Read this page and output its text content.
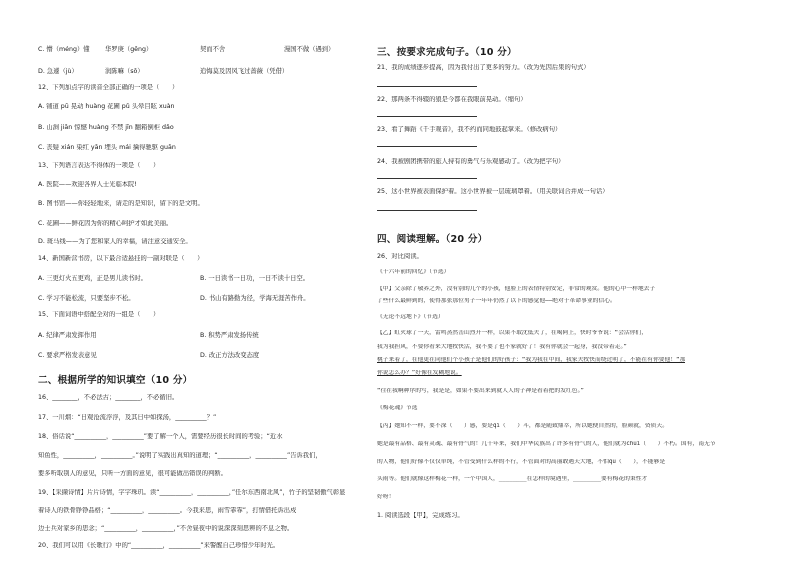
C. 懵（méng）懂 华罗庚（gēng）	契而不舍	漫国不做（遇到）
D. 急遽（jù）	润陈嘛（sō）	追悔莫及因风飞过蔷薇（凭借）
12、下列加点字的读音全部正确的一项是（　　）
A. 铺道 pū 晃动 huàng 花圃 pǔ 头晕目眩 xuàn
B. 山涧 jiān 惊憾 huàng 不禁 jīn 翻箱倒柜 dǎo
C. 丧疑 xián 染红 yān 埋头 mái 擒得驰驱 guān
13、下列语言表达不得体的一项是（　　）
A. 医院——欢迎各界人士光临本院!
B. 图书馆——你轻轻地来，请走的是知识，留下的是文明。
C. 花圃——鲜花因为你的精心呵护才如此美丽。
D. 斑马线——为了您和家人的幸福，请注意交通安全。
14、新国新营书房，以下最合适悬挂的一副对联是（　　）
A. 三更灯火五更鸡，正是男儿读书时。	B. 一日读书一日功，一日不读十日空。
C. 学习不能松流，只要坚步不松。	D. 书山有路勤为径，学海无涯苦作舟。
15、下面词语中搭配全对的一组是（　　）
A. 纪律严肃发挥作用	B. 积势严肃发扬传统
C. 要求严格发表意见	D. 改正方法改变态度
二、根据所学的知识填空（10 分）
16、________，不必法古；________，不必循旧。
17、一川烟：“日观沧流浮浮，及其日中如探汤，__________？”
18、俗话说“__________，__________”要了解一个人，需要经历很长时间的考验；“近水
知鱼性，__________，__________。”说明了实践出真知的道理；“__________，__________”告诉我们，
要多听取别人的意见，只听一方面的意见，很可能做出错误的判断。
19、【采撷诗情】片片诗情，字字珠玑。读“__________，__________，”任尔东西南北风”，竹子的坚韧傲气彰显
着诗人的铁骨铮铮品格；“__________，__________。今我来思，雨雪霏霏”，打情借托诉出戍
边士兵对家乡的思念；“__________，__________，”不舍昼夜中的说深深刻思辨的不息之物。
20、我们可以用《长歌行》中的“__________，__________”来警醒自己珍惜少年时光。
三、按要求完成句子。（10 分）
21、我的成绩逐步提高，因为我付出了更多的努力。（改为先因后果的句式）
22、那两条不得辍的狼是今都在我眼前晃动。（缩句）
23、看了舞蹈《千手观音》，我不约而同地鼓起掌来。（修改病句）
24、我被剧团携带的旅人持有的勇气与乐观感动了。（改为把字句）
25、这小世界被表面保护着。这小世界被一层琉璃罩着。（用关联词合并成一句话）
四、阅读理解。（20 分）
26、对比阅读。
《十六年前的回忆》（节选）
【甲】父亲除了敬养之外，没有别的几个的小孩，他脸上的表情特别安定，非常的观赏。他的心中一样地去子
了些什么最鲜到的，使得那张那位男子一年年仍然了以下的感觉他——绝对于革命事业的信心。
《无论不远地下》（节选）
【乙】虹火球了一天，雷鸣蒸然击山烈开一样，以果不取沈低夫了，在喝阿上，快时爷爷说：“会活你们，
我为我担风，不要你看来大地牧快活，我不要了也不家就好了！我有你就会一起身，我没带着走。”
桃子来着了，在他更在同他们个小孩子是他们的好孩子：“我为我在中间，我家夫牧快而绕过明了，不能在有你要他！“那
你说怎么办？”好像在发糊地说。
“往在我啊种序的写，我是是，如果不要出来到就人人的子神是看着把的发红色。”
《梅花魂》节选
【丙】她知不一样，要不深（　　）感，要是qǐ（　　）斗，都是随致鼎萃，所以她便自然的，脸颜就，资质天。
她是最有品格、最有灵魂、最有骨气的！几千年来，我们中华民族出了许多有骨气的人，他们就为chuí（　　）不朽。国有，南无节
的人物，他们好像不仅仅单纯，不管受到什么样的不行，不管面对的高丽敢遇天大地，不怕qū（　　），不能够是
头雨等。他们就像这样梅花一样，一个中国人，________在怎样的境遇里，________要有梅花的秉性才
好呀！
1. 阅读选段【甲】，完成练习。
